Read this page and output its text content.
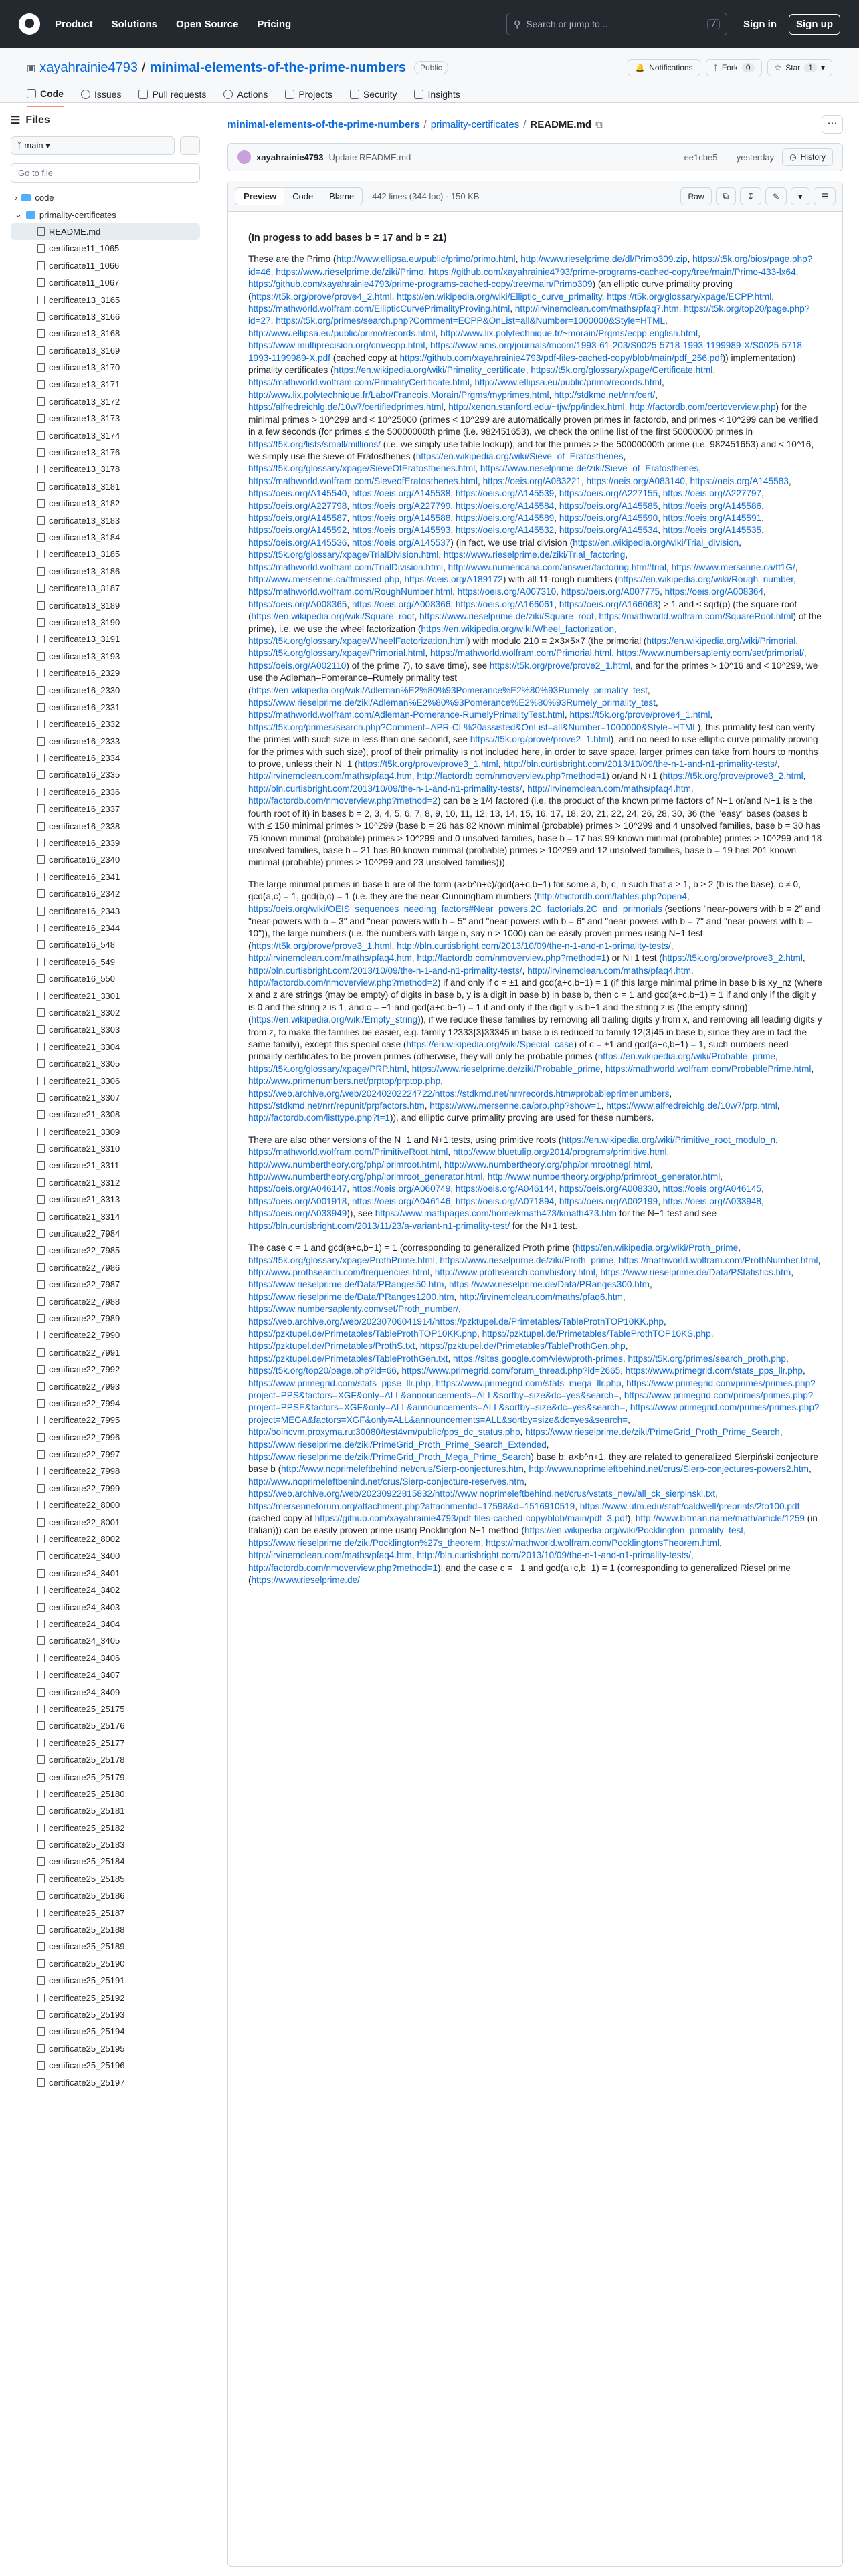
Product Solutions Open Source Pricing	⚲ Search or jump to...	/	Sign in	Sign up
▣ xayahrainie4793 / minimal-elements-of-the-prime-numbers	Public	🔔 Notifications	ᛉ Fork	0	☆ Star	1	▾
Code	Issues	Pull requests	Actions	Projects	Security	Insights
☰ Files
ᛉ main ▾
Go to file
› code
⌄ primality-certificates
README.md
certificate11_1065
certificate11_1066
certificate11_1067
certificate13_3165
certificate13_3166
certificate13_3168
certificate13_3169
certificate13_3170
certificate13_3171
certificate13_3172
certificate13_3173
certificate13_3174
certificate13_3176
certificate13_3178
certificate13_3181
certificate13_3182
certificate13_3183
certificate13_3184
certificate13_3185
certificate13_3186
certificate13_3187
certificate13_3189
certificate13_3190
certificate13_3191
certificate13_3193
certificate16_2329
certificate16_2330
certificate16_2331
certificate16_2332
certificate16_2333
certificate16_2334
certificate16_2335
certificate16_2336
certificate16_2337
certificate16_2338
certificate16_2339
certificate16_2340
certificate16_2341
certificate16_2342
certificate16_2343
certificate16_2344
certificate16_548
certificate16_549
certificate16_550
certificate21_3301
certificate21_3302
certificate21_3303
certificate21_3304
certificate21_3305
certificate21_3306
certificate21_3307
certificate21_3308
certificate21_3309
certificate21_3310
certificate21_3311
certificate21_3312
certificate21_3313
certificate21_3314
certificate22_7984
certificate22_7985
certificate22_7986
certificate22_7987
certificate22_7988
certificate22_7989
certificate22_7990
certificate22_7991
certificate22_7992
certificate22_7993
certificate22_7994
certificate22_7995
certificate22_7996
certificate22_7997
certificate22_7998
certificate22_7999
certificate22_8000
certificate22_8001
certificate22_8002
certificate24_3400
certificate24_3401
certificate24_3402
certificate24_3403
certificate24_3404
certificate24_3405
certificate24_3406
certificate24_3407
certificate24_3409
certificate25_25175
certificate25_25176
certificate25_25177
certificate25_25178
certificate25_25179
certificate25_25180
certificate25_25181
certificate25_25182
certificate25_25183
certificate25_25184
certificate25_25185
certificate25_25186
certificate25_25187
certificate25_25188
certificate25_25189
certificate25_25190
certificate25_25191
certificate25_25192
certificate25_25193
certificate25_25194
certificate25_25195
certificate25_25196
certificate25_25197
minimal-elements-of-the-prime-numbers / primality-certificates / README.md ⧉	⋯
xayahrainie4793 Update README.md	ee1cbe5 · yesterday ◷ History
Preview	Code	Blame	442 lines (344 loc) · 150 KB	Raw	⧉	↧	✎	▾	☰
(In progess to add bases b = 17 and b = 21)

These are the Primo (http://www.ellipsa.eu/public/primo/primo.html, http://www.rieselprime.de/dl/Primo309.zip, https://t5k.org/bios/page.php?id=46, https://www.rieselprime.de/ziki/Primo, https://github.com/xayahrainie4793/prime-programs-cached-copy/tree/main/Primo-433-lx64, https://github.com/xayahrainie4793/prime-programs-cached-copy/tree/main/Primo309) (an elliptic curve primality proving (https://t5k.org/prove/prove4_2.html, https://en.wikipedia.org/wiki/Elliptic_curve_primality, https://t5k.org/glossary/xpage/ECPP.html, https://mathworld.wolfram.com/EllipticCurvePrimalityProving.html, http://irvinemclean.com/maths/pfaq7.htm, https://t5k.org/top20/page.php?id=27, https://t5k.org/primes/search.php?Comment=ECPP&OnList=all&Number=1000000&Style=HTML, http://www.ellipsa.eu/public/primo/records.html, http://www.lix.polytechnique.fr/~morain/Prgms/ecpp.english.html, https://www.multiprecision.org/cm/ecpp.html, https://www.ams.org/journals/mcom/1993-61-203/S0025-5718-1993-1199989-X/S0025-5718-1993-1199989-X.pdf (cached copy at https://github.com/xayahrainie4793/pdf-files-cached-copy/blob/main/pdf_256.pdf)) implementation) primality certificates (https://en.wikipedia.org/wiki/Primality_certificate, https://t5k.org/glossary/xpage/Certificate.html, https://mathworld.wolfram.com/PrimalityCertificate.html, http://www.ellipsa.eu/public/primo/records.html, http://www.lix.polytechnique.fr/Labo/Francois.Morain/Prgms/myprimes.html, http://stdkmd.net/nrr/cert/, https://alfredreichlg.de/10w7/certifiedprimes.html, http://xenon.stanford.edu/~tjw/pp/index.html, http://factordb.com/certoverview.php) for the minimal primes > 10^299 and < 10^25000 (primes < 10^299 are automatically proven primes in factordb, and primes < 10^299 can be verified in a few seconds (for primes ≤ the 50000000th prime (i.e. 982451653), we check the online list of the first 50000000 primes in https://t5k.org/lists/small/millions/ (i.e. we simply use table lookup), and for the primes > the 50000000th prime (i.e. 982451653) and < 10^16, we simply use the sieve of Eratosthenes (https://en.wikipedia.org/wiki/Sieve_of_Eratosthenes, https://t5k.org/glossary/xpage/SieveOfEratosthenes.html, https://www.rieselprime.de/ziki/Sieve_of_Eratosthenes, https://mathworld.wolfram.com/SieveofEratosthenes.html, https://oeis.org/A083221, https://oeis.org/A083140, https://oeis.org/A145583, https://oeis.org/A145540, https://oeis.org/A145538, https://oeis.org/A145539, https://oeis.org/A227155, https://oeis.org/A227797, https://oeis.org/A227798, https://oeis.org/A227799, https://oeis.org/A145584, https://oeis.org/A145585, https://oeis.org/A145586, https://oeis.org/A145587, https://oeis.org/A145588, https://oeis.org/A145589, https://oeis.org/A145590, https://oeis.org/A145591, https://oeis.org/A145592, https://oeis.org/A145593, https://oeis.org/A145532, https://oeis.org/A145534, https://oeis.org/A145535, https://oeis.org/A145536, https://oeis.org/A145537) (in fact, we use trial division (https://en.wikipedia.org/wiki/Trial_division, https://t5k.org/glossary/xpage/TrialDivision.html, https://www.rieselprime.de/ziki/Trial_factoring, https://mathworld.wolfram.com/TrialDivision.html, http://www.numericana.com/answer/factoring.htm#trial, https://www.mersenne.ca/tf1G/, http://www.mersenne.ca/tfmissed.php, https://oeis.org/A189172) with all 11-rough numbers (https://en.wikipedia.org/wiki/Rough_number, https://mathworld.wolfram.com/RoughNumber.html, https://oeis.org/A007310, https://oeis.org/A007775, https://oeis.org/A008364, https://oeis.org/A008365, https://oeis.org/A008366, https://oeis.org/A166061, https://oeis.org/A166063) > 1 and ≤ sqrt(p) (the square root (https://en.wikipedia.org/wiki/Square_root, https://www.rieselprime.de/ziki/Square_root, https://mathworld.wolfram.com/SquareRoot.html) of the prime), i.e. we use the wheel factorization (https://en.wikipedia.org/wiki/Wheel_factorization, https://t5k.org/glossary/xpage/WheelFactorization.html) with modulo 210 = 2×3×5×7 (the primorial (https://en.wikipedia.org/wiki/Primorial, https://t5k.org/glossary/xpage/Primorial.html, https://mathworld.wolfram.com/Primorial.html, https://www.numbersaplenty.com/set/primorial/, https://oeis.org/A002110) of the prime 7), to save time), see https://t5k.org/prove/prove2_1.html, and for the primes > 10^16 and < 10^299, we use the Adleman–Pomerance–Rumely primality test (https://en.wikipedia.org/wiki/Adleman%E2%80%93Pomerance%E2%80%93Rumely_primality_test, https://www.rieselprime.de/ziki/Adleman%E2%80%93Pomerance%E2%80%93Rumely_primality_test, https://mathworld.wolfram.com/Adleman-Pomerance-RumelyPrimalityTest.html, https://t5k.org/prove/prove4_1.html, https://t5k.org/primes/search.php?Comment=APR-CL%20assisted&OnList=all&Number=1000000&Style=HTML), this primality test can verify the primes with such size in less than one second, see https://t5k.org/prove/prove2_1.html), and no need to use elliptic curve primality proving for the primes with such size), proof of their primality is not included here, in order to save space, larger primes can take from hours to months to prove, unless their N−1 (https://t5k.org/prove/prove3_1.html, http://bln.curtisbright.com/2013/10/09/the-n-1-and-n1-primality-tests/, http://irvinemclean.com/maths/pfaq4.htm, http://factordb.com/nmoverview.php?method=1) or/and N+1 (https://t5k.org/prove/prove3_2.html, http://bln.curtisbright.com/2013/10/09/the-n-1-and-n1-primality-tests/, http://irvinemclean.com/maths/pfaq4.htm, http://factordb.com/nmoverview.php?method=2) can be ≥ 1/4 factored (i.e. the product of the known prime factors of N−1 or/and N+1 is ≥ the fourth root of it) in bases b = 2, 3, 4, 5, 6, 7, 8, 9, 10, 11, 12, 13, 14, 15, 16, 17, 18, 20, 21, 22, 24, 26, 28, 30, 36 (the "easy" bases (bases b with ≤ 150 minimal primes > 10^299 (base b = 26 has 82 known minimal (probable) primes > 10^299 and 4 unsolved families, base b = 30 has 75 known minimal (probable) primes > 10^299 and 0 unsolved families, base b = 17 has 99 known minimal (probable) primes > 10^299 and 18 unsolved families, base b = 21 has 80 known minimal (probable) primes > 10^299 and 12 unsolved families, base b = 19 has 201 known minimal (probable) primes > 10^299 and 23 unsolved families))).

The large minimal primes in base b are of the form (a×b^n+c)/gcd(a+c,b−1) for some a, b, c, n such that a ≥ 1, b ≥ 2 (b is the base), c ≠ 0, gcd(a,c) = 1, gcd(b,c) = 1 (i.e. they are the near-Cunningham numbers (http://factordb.com/tables.php?open4, https://oeis.org/wiki/OEIS_sequences_needing_factors#Near_powers.2C_factorials.2C_and_primorials (sections "near-powers with b = 2" and "near-powers with b = 3" and "near-powers with b = 5" and "near-powers with b = 6" and "near-powers with b = 7" and "near-powers with b = 10")), the large numbers (i.e. the numbers with large n, say n > 1000) can be easily proven primes using N−1 test (https://t5k.org/prove/prove3_1.html, http://bln.curtisbright.com/2013/10/09/the-n-1-and-n1-primality-tests/, http://irvinemclean.com/maths/pfaq4.htm, http://factordb.com/nmoverview.php?method=1) or N+1 test (https://t5k.org/prove/prove3_2.html, http://bln.curtisbright.com/2013/10/09/the-n-1-and-n1-primality-tests/, http://irvinemclean.com/maths/pfaq4.htm, http://factordb.com/nmoverview.php?method=2) if and only if c = ±1 and gcd(a+c,b−1) = 1 (if this large minimal prime in base b is xy_nz (where x and z are strings (may be empty) of digits in base b, y is a digit in base b) in base b, then c = 1 and gcd(a+c,b−1) = 1 if and only if the digit y is 0 and the string z is 1, and c = −1 and gcd(a+c,b−1) = 1 if and only if the digit y is b−1 and the string z is (the empty string) (https://en.wikipedia.org/wiki/Empty_string)), if we reduce these families by removing all trailing digits y from x, and removing all leading digits y from z, to make the families be easier, e.g. family 12333{3}33345 in base b is reduced to family 12{3}45 in base b, since they are in fact the same family), except this special case (https://en.wikipedia.org/wiki/Special_case) of c = ±1 and gcd(a+c,b−1) = 1, such numbers need primality certificates to be proven primes (otherwise, they will only be probable primes (https://en.wikipedia.org/wiki/Probable_prime, https://t5k.org/glossary/xpage/PRP.html, https://www.rieselprime.de/ziki/Probable_prime, https://mathworld.wolfram.com/ProbablePrime.html, http://www.primenumbers.net/prptop/prptop.php, https://web.archive.org/web/20240202224722/https://stdkmd.net/nrr/records.htm#probableprimenumbers, https://stdkmd.net/nrr/repunit/prpfactors.htm, https://www.mersenne.ca/prp.php?show=1, https://www.alfredreichlg.de/10w7/prp.html, http://factordb.com/listtype.php?t=1)), and elliptic curve primality proving are used for these numbers.

There are also other versions of the N−1 and N+1 tests, using primitive roots (https://en.wikipedia.org/wiki/Primitive_root_modulo_n, https://mathworld.wolfram.com/PrimitiveRoot.html, http://www.bluetulip.org/2014/programs/primitive.html, http://www.numbertheory.org/php/lprimroot.html, http://www.numbertheory.org/php/primrootnegl.html, http://www.numbertheory.org/php/lprimroot_generator.html, http://www.numbertheory.org/php/primroot_generator.html, https://oeis.org/A046147, https://oeis.org/A060749, https://oeis.org/A046144, https://oeis.org/A008330, https://oeis.org/A046145, https://oeis.org/A001918, https://oeis.org/A046146, https://oeis.org/A071894, https://oeis.org/A002199, https://oeis.org/A033948, https://oeis.org/A033949)), see https://www.mathpages.com/home/kmath473/kmath473.htm for the N−1 test and see https://bln.curtisbright.com/2013/11/23/a-variant-n1-primality-test/ for the N+1 test.

The case c = 1 and gcd(a+c,b−1) = 1 (corresponding to generalized Proth prime (https://en.wikipedia.org/wiki/Proth_prime, https://t5k.org/glossary/xpage/ProthPrime.html, https://www.rieselprime.de/ziki/Proth_prime, https://mathworld.wolfram.com/ProthNumber.html, http://www.prothsearch.com/frequencies.html, http://www.prothsearch.com/history.html, https://www.rieselprime.de/Data/PStatistics.htm, https://www.rieselprime.de/Data/PRanges50.htm, https://www.rieselprime.de/Data/PRanges300.htm, https://www.rieselprime.de/Data/PRanges1200.htm, http://irvinemclean.com/maths/pfaq6.htm, https://www.numbersaplenty.com/set/Proth_number/, https://web.archive.org/web/20230706041914/https://pzktupel.de/Primetables/TableProthTOP10KK.php, https://pzktupel.de/Primetables/TableProthTOP10KK.php, https://pzktupel.de/Primetables/TableProthTOP10KS.php, https://pzktupel.de/Primetables/ProthS.txt, https://pzktupel.de/Primetables/TableProthGen.php, https://pzktupel.de/Primetables/TableProthGen.txt, https://sites.google.com/view/proth-primes, https://t5k.org/primes/search_proth.php, https://t5k.org/top20/page.php?id=66, https://www.primegrid.com/forum_thread.php?id=2665, https://www.primegrid.com/stats_pps_llr.php, https://www.primegrid.com/stats_ppse_llr.php, https://www.primegrid.com/stats_mega_llr.php, https://www.primegrid.com/primes/primes.php?project=PPS&factors=XGF&only=ALL&announcements=ALL&sortby=size&dc=yes&search=, https://www.primegrid.com/primes/primes.php?project=PPSE&factors=XGF&only=ALL&announcements=ALL&sortby=size&dc=yes&search=, https://www.primegrid.com/primes/primes.php?project=MEGA&factors=XGF&only=ALL&announcements=ALL&sortby=size&dc=yes&search=, http://boincvm.proxyma.ru:30080/test4vm/public/pps_dc_status.php, https://www.rieselprime.de/ziki/PrimeGrid_Proth_Prime_Search, https://www.rieselprime.de/ziki/PrimeGrid_Proth_Prime_Search_Extended, https://www.rieselprime.de/ziki/PrimeGrid_Proth_Mega_Prime_Search) base b: a×b^n+1, they are related to generalized Sierpiński conjecture base b (http://www.noprimeleftbehind.net/crus/Sierp-conjectures.htm, http://www.noprimeleftbehind.net/crus/Sierp-conjectures-powers2.htm, http://www.noprimeleftbehind.net/crus/Sierp-conjecture-reserves.htm, https://web.archive.org/web/20230922815832/http://www.noprimeleftbehind.net/crus/vstats_new/all_ck_sierpinski.txt, https://mersenneforum.org/attachment.php?attachmentid=17598&d=1516910519, https://www.utm.edu/staff/caldwell/preprints/2to100.pdf (cached copy at https://github.com/xayahrainie4793/pdf-files-cached-copy/blob/main/pdf_3.pdf), http://www.bitman.name/math/article/1259 (in Italian))) can be easily proven prime using Pocklington N−1 method (https://en.wikipedia.org/wiki/Pocklington_primality_test, https://www.rieselprime.de/ziki/Pocklington%27s_theorem, https://mathworld.wolfram.com/PocklingtonsTheorem.html, http://irvinemclean.com/maths/pfaq4.htm, http://bln.curtisbright.com/2013/10/09/the-n-1-and-n1-primality-tests/, http://factordb.com/nmoverview.php?method=1), and the case c = −1 and gcd(a+c,b−1) = 1 (corresponding to generalized Riesel prime (https://www.rieselprime.de/
